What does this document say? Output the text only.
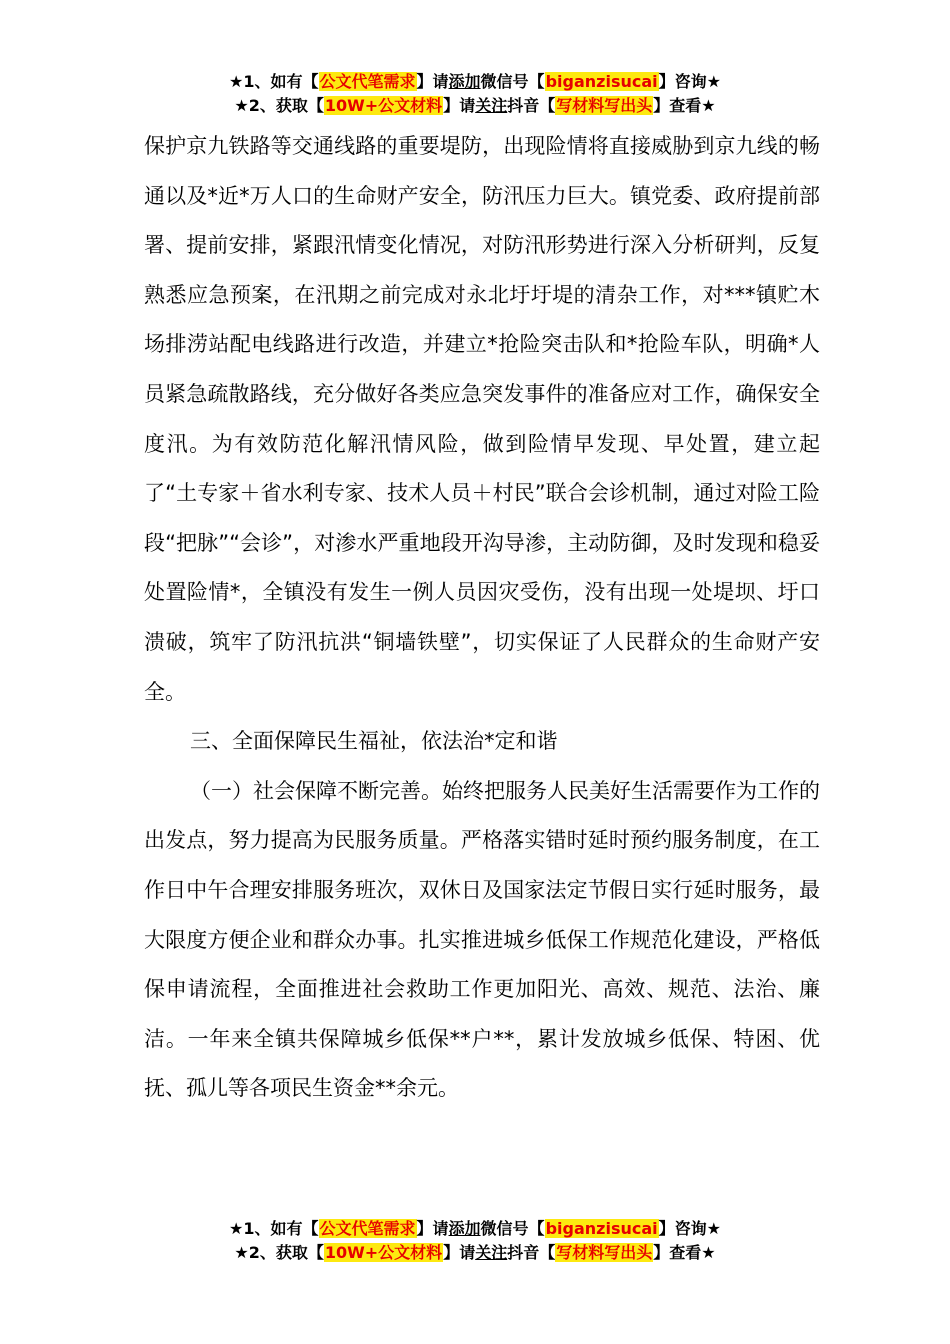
★1、如有【公文代笔需求】请添加微信号【biganzisucai】咨询★
★2、获取【10W+公文材料】请关注抖音【写材料写出头】查看★

保护京九铁路等交通线路的重要堤防，出现险情将直接威胁到京九线的畅通以及*近*万人口的生命财产安全，防汛压力巨大。镇党委、政府提前部署、提前安排，紧跟汛情变化情况，对防汛形势进行深入分析研判，反复熟悉应急预案，在汛期之前完成对永北圩圩堤的清杂工作，对***镇贮木场排涝站配电线路进行改造，并建立*抢险突击队和*抢险车队，明确*人员紧急疏散路线，充分做好各类应急突发事件的准备应对工作，确保安全度汛。为有效防范化解汛情风险，做到险情早发现、早处置，建立起了“土专家＋省水利专家、技术人员＋村民”联合会诊机制，通过对险工险段“把脉”“会诊”，对渗水严重地段开沟导渗，主动防御，及时发现和稳妥处置险情*，全镇没有发生一例人员因灾受伤，没有出现一处堤坝、圩口溃破，筑牢了防汛抗洪“铜墙铁壁”，切实保证了人民群众的生命财产安全。

三、全面保障民生福祉，依法治*定和谐

（一）社会保障不断完善。始终把服务人民美好生活需要作为工作的出发点，努力提高为民服务质量。严格落实错时延时预约服务制度，在工作日中午合理安排服务班次，双休日及国家法定节假日实行延时服务，最大限度方便企业和群众办事。扎实推进城乡低保工作规范化建设，严格低保申请流程，全面推进社会救助工作更加阳光、高效、规范、法治、廉洁。一年来全镇共保障城乡低保**户**，累计发放城乡低保、特困、优抚、孤儿等各项民生资金**余元。

★1、如有【公文代笔需求】请添加微信号【biganzisucai】咨询★
★2、获取【10W+公文材料】请关注抖音【写材料写出头】查看★
